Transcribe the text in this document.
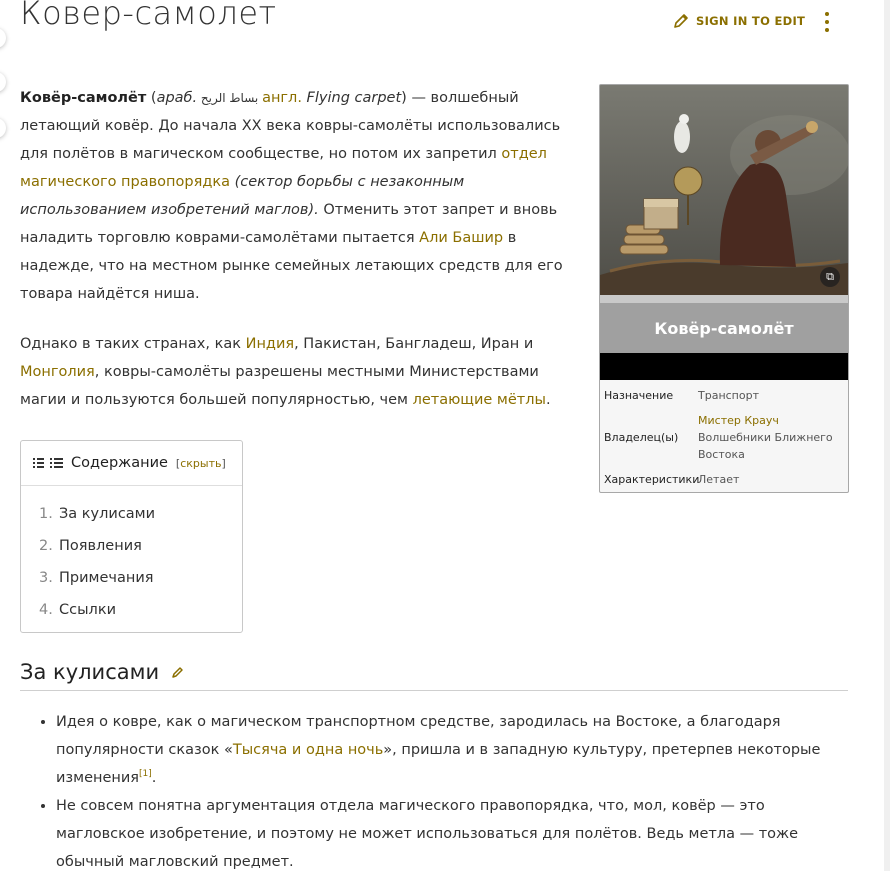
Ковер-самолет	SIGN IN TO EDIT

Ковёр-самолёт (араб. بساط الريح англ. Flying carpet) — волшебный летающий ковёр. До начала XX века ковры-самолёты использовались для полётов в магическом сообществе, но потом их запретил отдел магического правопорядка (сектор борьбы с незаконным использованием изобретений маглов). Отменить этот запрет и вновь наладить торговлю коврами-самолётами пытается Али Башир в надежде, что на местном рынке семейных летающих средств для его товара найдётся ниша.

Однако в таких странах, как Индия, Пакистан, Бангладеш, Иран и Монголия, ковры-самолёты разрешены местными Министерствами магии и пользуются большей популярностью, чем летающие мётлы.

⧉
Ковёр-самолёт
Назначение	Транспорт
Владелец(ы)
Мистер Крауч
Волшебники Ближнего Востока
Характеристики
Летает
Содержание [скрыть]
1. За кулисами
2. Появления
3. Примечания
4. Ссылки
За кулисами
• Идея о ковре, как о магическом транспортном средстве, зародилась на Востоке, а благодаря популярности сказок «Тысяча и одна ночь», пришла и в западную культуру, претерпев некоторые изменения[1].
• Не совсем понятна аргументация отдела магического правопорядка, что, мол, ковёр — это магловское изобретение, и поэтому не может использоваться для полётов. Ведь метла — тоже обычный магловский предмет.
